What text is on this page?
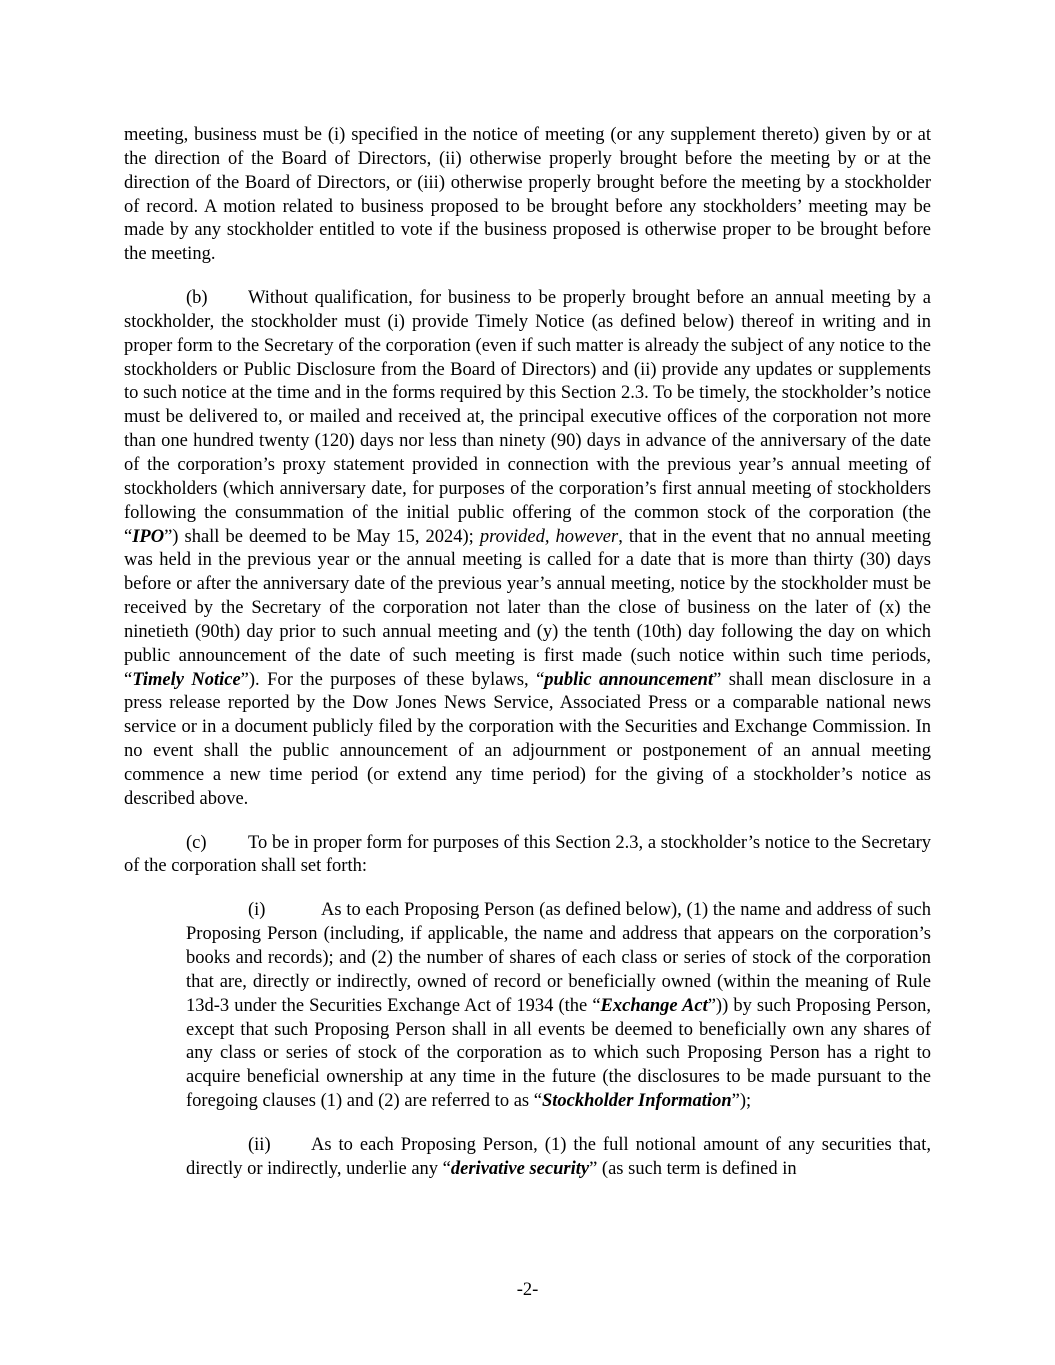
meeting, business must be (i) specified in the notice of meeting (or any supplement thereto) given by or at the direction of the Board of Directors, (ii) otherwise properly brought before the meeting by or at the direction of the Board of Directors, or (iii) otherwise properly brought before the meeting by a stockholder of record. A motion related to business proposed to be brought before any stockholders’ meeting may be made by any stockholder entitled to vote if the business proposed is otherwise proper to be brought before the meeting.

(b) Without qualification, for business to be properly brought before an annual meeting by a stockholder, the stockholder must (i) provide Timely Notice (as defined below) thereof in writing and in proper form to the Secretary of the corporation (even if such matter is already the subject of any notice to the stockholders or Public Disclosure from the Board of Directors) and (ii) provide any updates or supplements to such notice at the time and in the forms required by this Section 2.3. To be timely, the stockholder’s notice must be delivered to, or mailed and received at, the principal executive offices of the corporation not more than one hundred twenty (120) days nor less than ninety (90) days in advance of the anniversary of the date of the corporation’s proxy statement provided in connection with the previous year’s annual meeting of stockholders (which anniversary date, for purposes of the corporation’s first annual meeting of stockholders following the consummation of the initial public offering of the common stock of the corporation (the “IPO”) shall be deemed to be May 15, 2024); provided, however, that in the event that no annual meeting was held in the previous year or the annual meeting is called for a date that is more than thirty (30) days before or after the anniversary date of the previous year’s annual meeting, notice by the stockholder must be received by the Secretary of the corporation not later than the close of business on the later of (x) the ninetieth (90th) day prior to such annual meeting and (y) the tenth (10th) day following the day on which public announcement of the date of such meeting is first made (such notice within such time periods, “Timely Notice”). For the purposes of these bylaws, “public announcement” shall mean disclosure in a press release reported by the Dow Jones News Service, Associated Press or a comparable national news service or in a document publicly filed by the corporation with the Securities and Exchange Commission. In no event shall the public announcement of an adjournment or postponement of an annual meeting commence a new time period (or extend any time period) for the giving of a stockholder’s notice as described above.

(c) To be in proper form for purposes of this Section 2.3, a stockholder’s notice to the Secretary of the corporation shall set forth:

(i)	As to each Proposing Person (as defined below), (1) the name and address of such Proposing Person (including, if applicable, the name and address that appears on the corporation’s books and records); and (2) the number of shares of each class or series of stock of the corporation that are, directly or indirectly, owned of record or beneficially owned (within the meaning of Rule 13d-3 under the Securities Exchange Act of 1934 (the “Exchange Act”)) by such Proposing Person, except that such Proposing Person shall in all events be deemed to beneficially own any shares of any class or series of stock of the corporation as to which such Proposing Person has a right to acquire beneficial ownership at any time in the future (the disclosures to be made pursuant to the foregoing clauses (1) and (2) are referred to as “Stockholder Information”);

(ii) As to each Proposing Person, (1) the full notional amount of any securities that, directly or indirectly, underlie any “derivative security” (as such term is defined in

-2-
